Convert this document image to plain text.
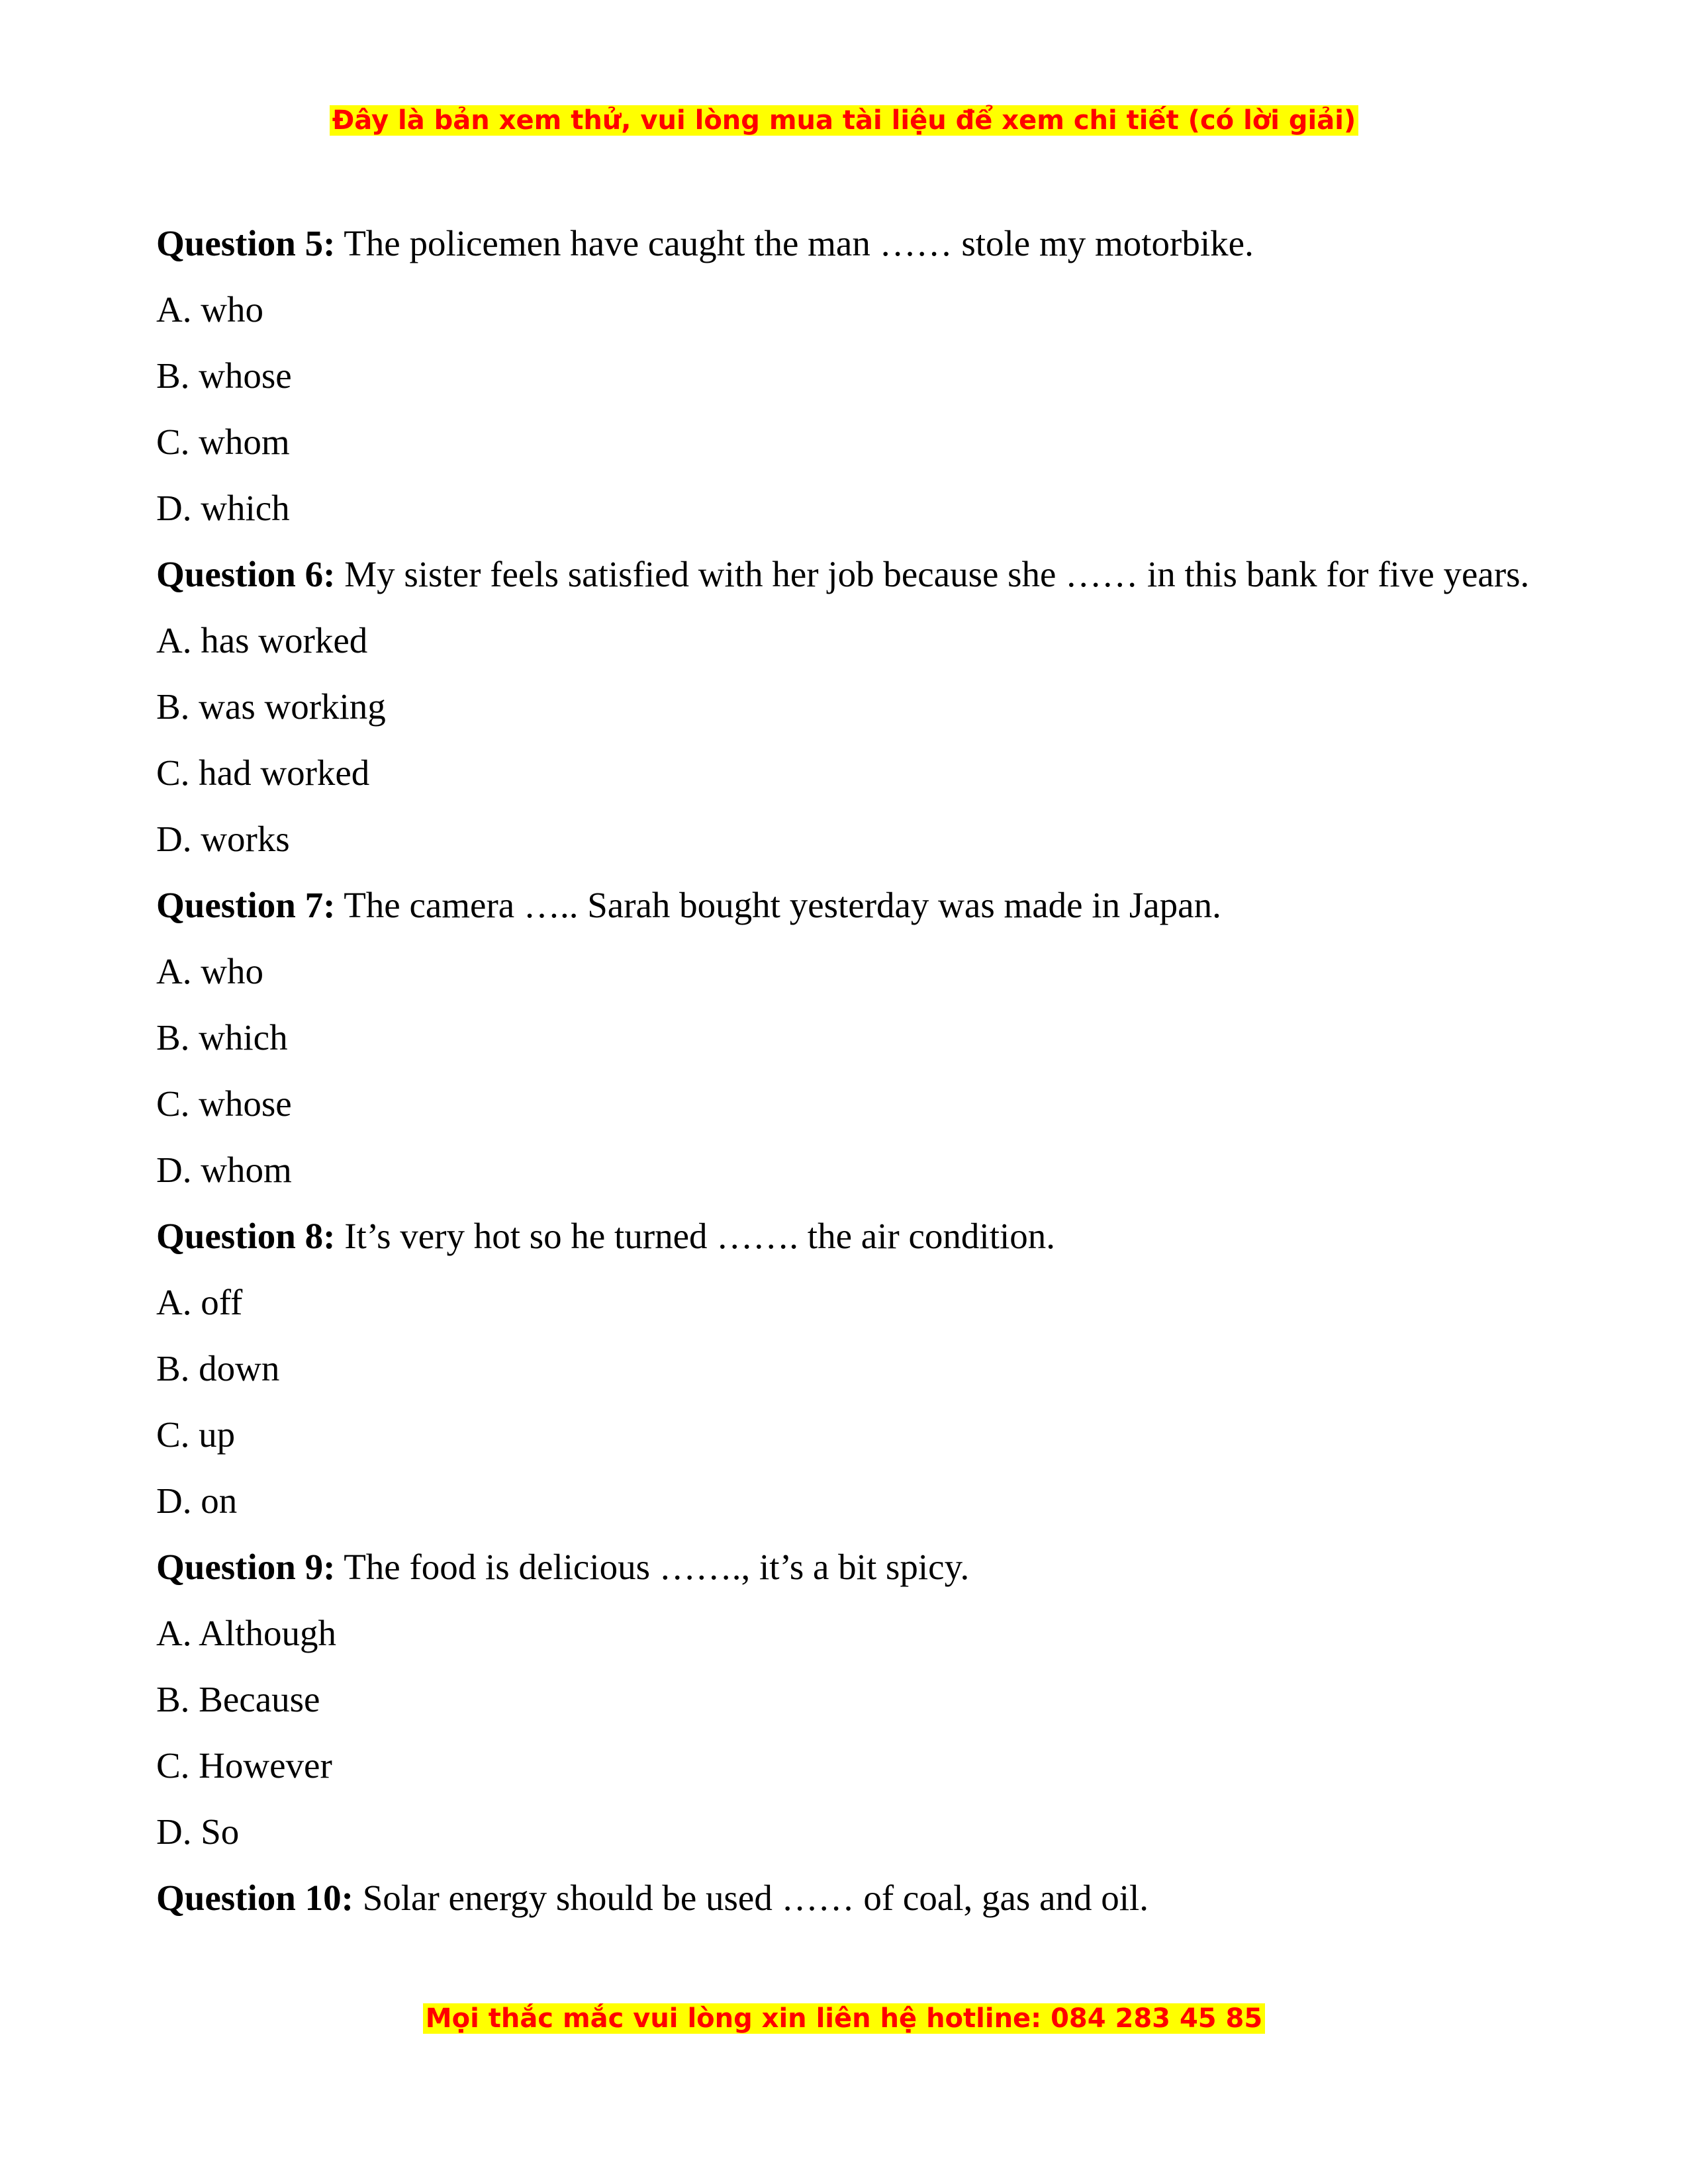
Đây là bản xem thử, vui lòng mua tài liệu để xem chi tiết (có lời giải)

Question 5: The policemen have caught the man …… stole my motorbike.

A. who

B. whose

C. whom

D. which

Question 6: My sister feels satisfied with her job because she …… in this bank for five years.

A. has worked

B. was working

C. had worked

D. works

Question 7: The camera ….. Sarah bought yesterday was made in Japan.

A. who

B. which

C. whose

D. whom

Question 8: It’s very hot so he turned ……. the air condition.

A. off

B. down

C. up

D. on

Question 9: The food is delicious ……., it’s a bit spicy.

A. Although

B. Because

C. However

D. So

Question 10: Solar energy should be used …… of coal, gas and oil.

Mọi thắc mắc vui lòng xin liên hệ hotline: 084 283 45 85
